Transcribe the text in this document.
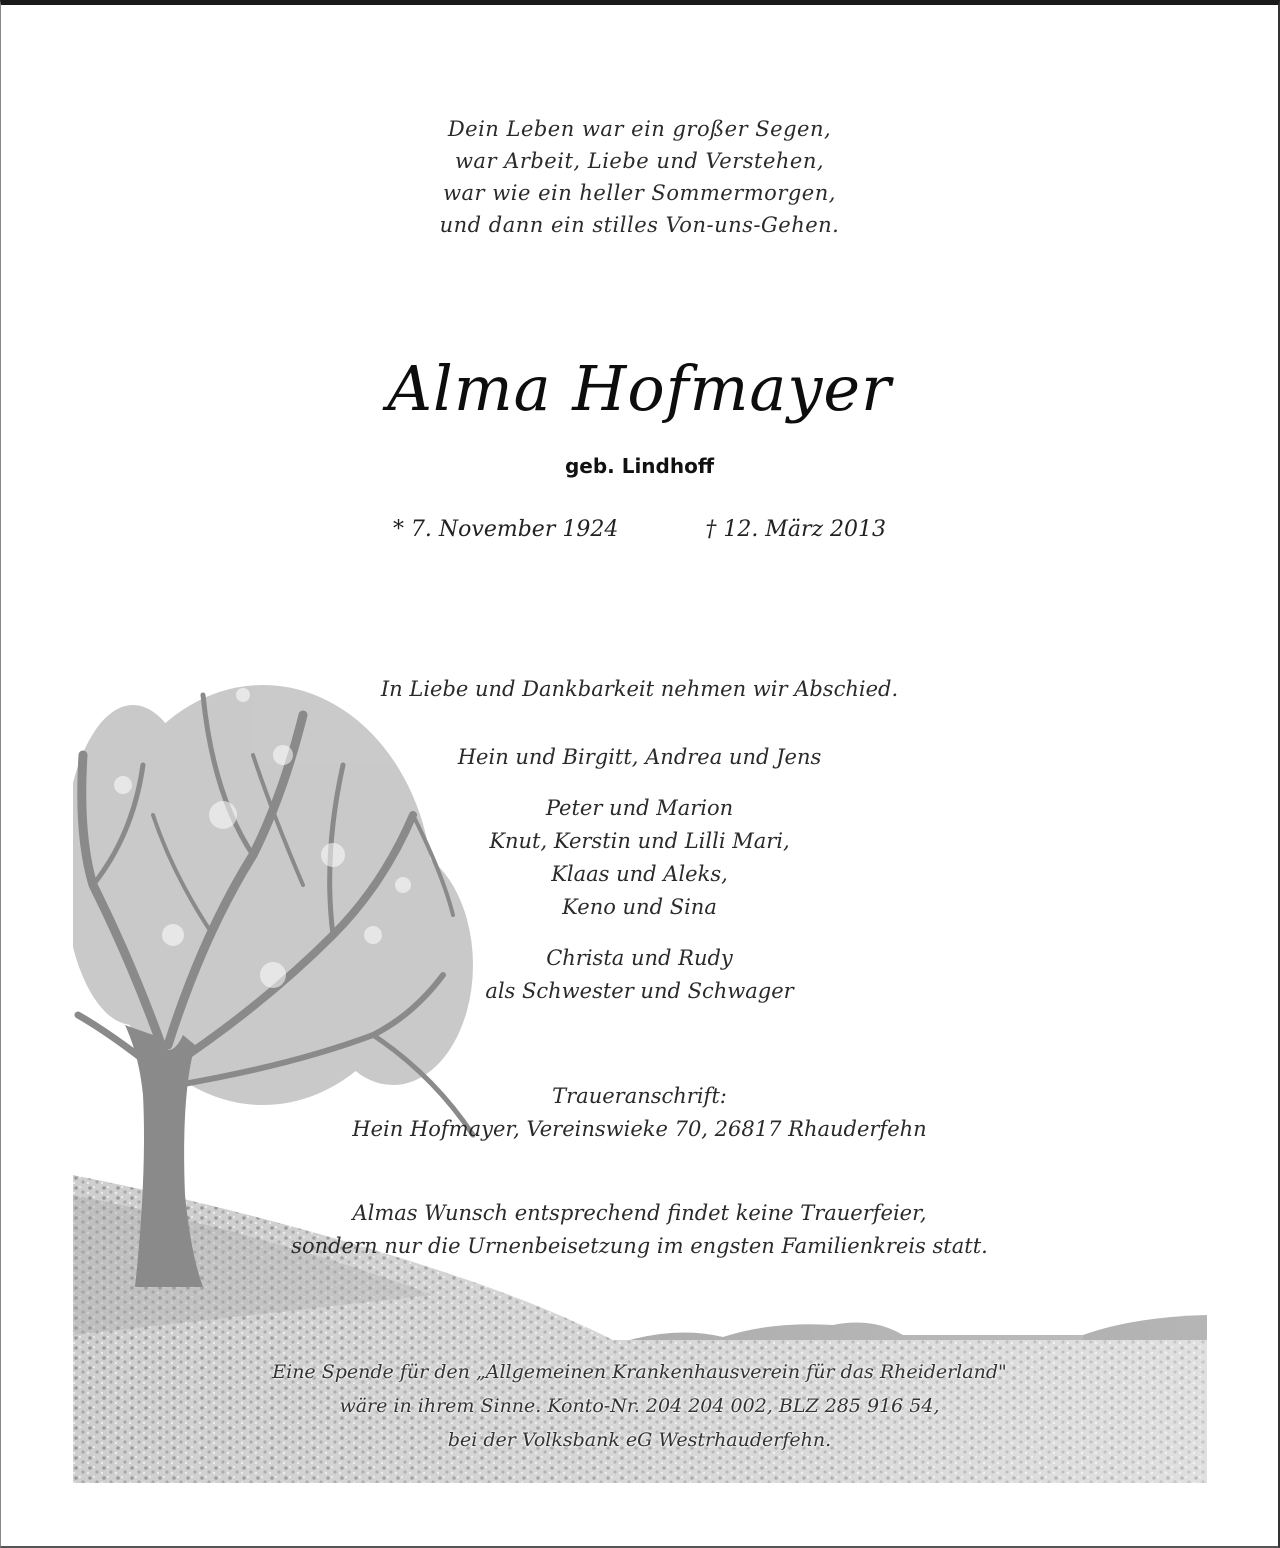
Dein Leben war ein großer Segen,
war Arbeit, Liebe und Verstehen,
war wie ein heller Sommermorgen,
und dann ein stilles Von-uns-Gehen.
Alma Hofmayer
geb. Lindhoff
* 7. November 1924	† 12. März 2013
In Liebe und Dankbarkeit nehmen wir Abschied.
Hein und Birgitt, Andrea und Jens
Peter und Marion
Knut, Kerstin und Lilli Mari,
Klaas und Aleks,
Keno und Sina
Christa und Rudy
als Schwester und Schwager
Traueranschrift:
Hein Hofmayer, Vereinswieke 70, 26817 Rhauderfehn
Almas Wunsch entsprechend findet keine Trauerfeier,
sondern nur die Urnenbeisetzung im engsten Familienkreis statt.
Eine Spende für den „Allgemeinen Krankenhausverein für das Rheiderland"
wäre in ihrem Sinne. Konto-Nr. 204 204 002, BLZ 285 916 54,
bei der Volksbank eG Westrhauderfehn.
